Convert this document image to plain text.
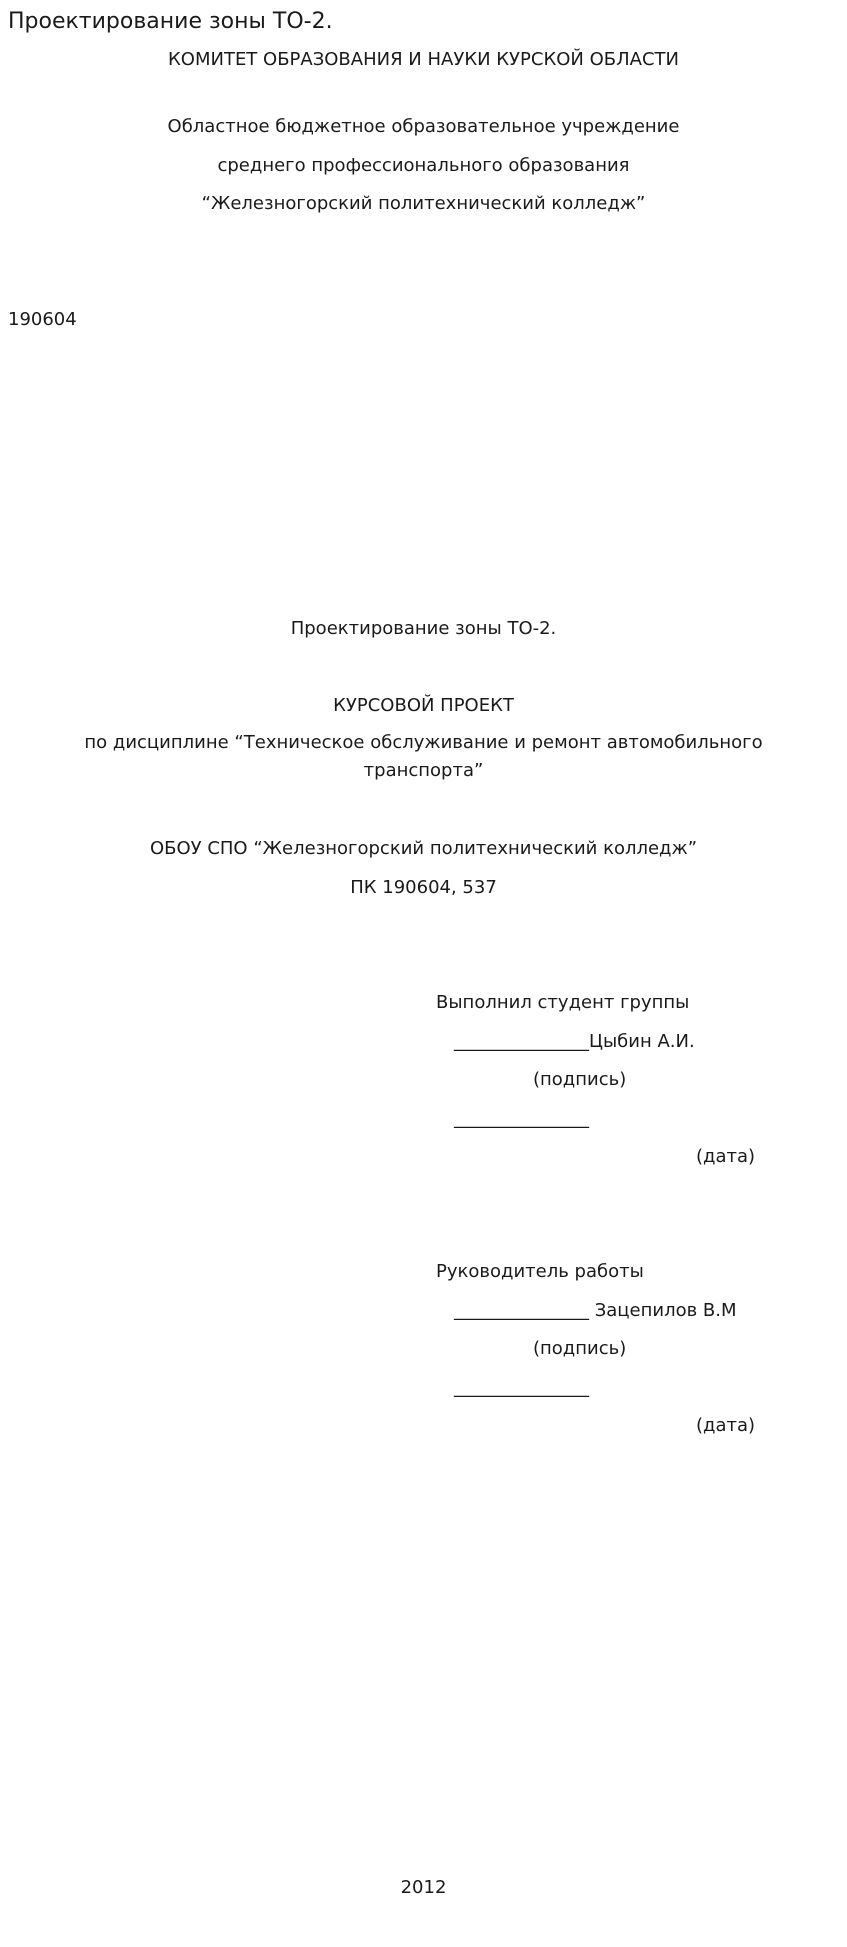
Проектирование зоны ТО-2.
КОМИТЕТ ОБРАЗОВАНИЯ И НАУКИ КУРСКОЙ ОБЛАСТИ
Областное бюджетное образовательное учреждение
среднего профессионального образования
“Железногорский политехнический колледж”
190604
Проектирование зоны ТО-2.
КУРСОВОЙ ПРОЕКТ
по дисциплине “Техническое обслуживание и ремонт автомобильного транспорта”
ОБОУ СПО “Железногорский политехнический колледж”
ПК 190604, 537
Выполнил студент группы
_______________Цыбин А.И.
(подпись)
_______________
(дата)
Руководитель работы
_______________ Зацепилов В.М
(подпись)
_______________
(дата)
2012
